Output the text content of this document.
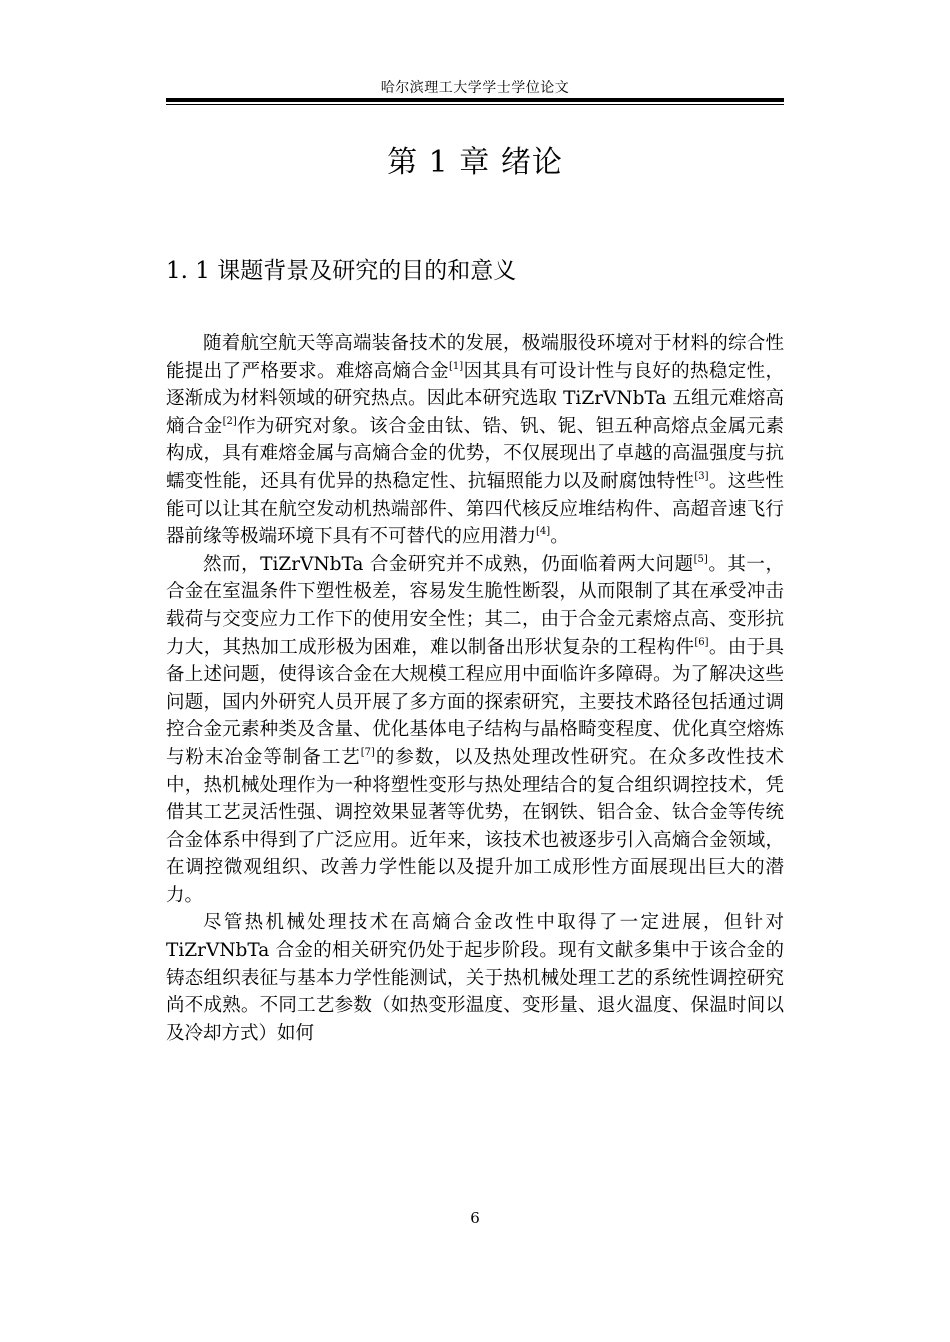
哈尔滨理工大学学士学位论文
第 1 章 绪论
1. 1 课题背景及研究的目的和意义

随着航空航天等高端装备技术的发展，极端服役环境对于材料的综合性能提出了严格要求。难熔高熵合金[1]因其具有可设计性与良好的热稳定性，逐渐成为材料领域的研究热点。因此本研究选取 TiZrVNbTa 五组元难熔高熵合金[2]作为研究对象。该合金由钛、锆、钒、铌、钽五种高熔点金属元素构成，具有难熔金属与高熵合金的优势，不仅展现出了卓越的高温强度与抗蠕变性能，还具有优异的热稳定性、抗辐照能力以及耐腐蚀特性[3]。这些性能可以让其在航空发动机热端部件、第四代核反应堆结构件、高超音速飞行器前缘等极端环境下具有不可替代的应用潜力[4]。

然而，TiZrVNbTa 合金研究并不成熟，仍面临着两大问题[5]。其一，合金在室温条件下塑性极差，容易发生脆性断裂，从而限制了其在承受冲击载荷与交变应力工作下的使用安全性；其二，由于合金元素熔点高、变形抗力大，其热加工成形极为困难，难以制备出形状复杂的工程构件[6]。由于具备上述问题，使得该合金在大规模工程应用中面临许多障碍。为了解决这些问题，国内外研究人员开展了多方面的探索研究，主要技术路径包括通过调控合金元素种类及含量、优化基体电子结构与晶格畸变程度、优化真空熔炼与粉末冶金等制备工艺[7]的参数，以及热处理改性研究。在众多改性技术中，热机械处理作为一种将塑性变形与热处理结合的复合组织调控技术，凭借其工艺灵活性强、调控效果显著等优势，在钢铁、铝合金、钛合金等传统合金体系中得到了广泛应用。近年来，该技术也被逐步引入高熵合金领域，在调控微观组织、改善力学性能以及提升加工成形性方面展现出巨大的潜力。

尽管热机械处理技术在高熵合金改性中取得了一定进展，但针对 TiZrVNbTa 合金的相关研究仍处于起步阶段。现有文献多集中于该合金的铸态组织表征与基本力学性能测试，关于热机械处理工艺的系统性调控研究尚不成熟。不同工艺参数（如热变形温度、变形量、退火温度、保温时间以及冷却方式）如何

6
